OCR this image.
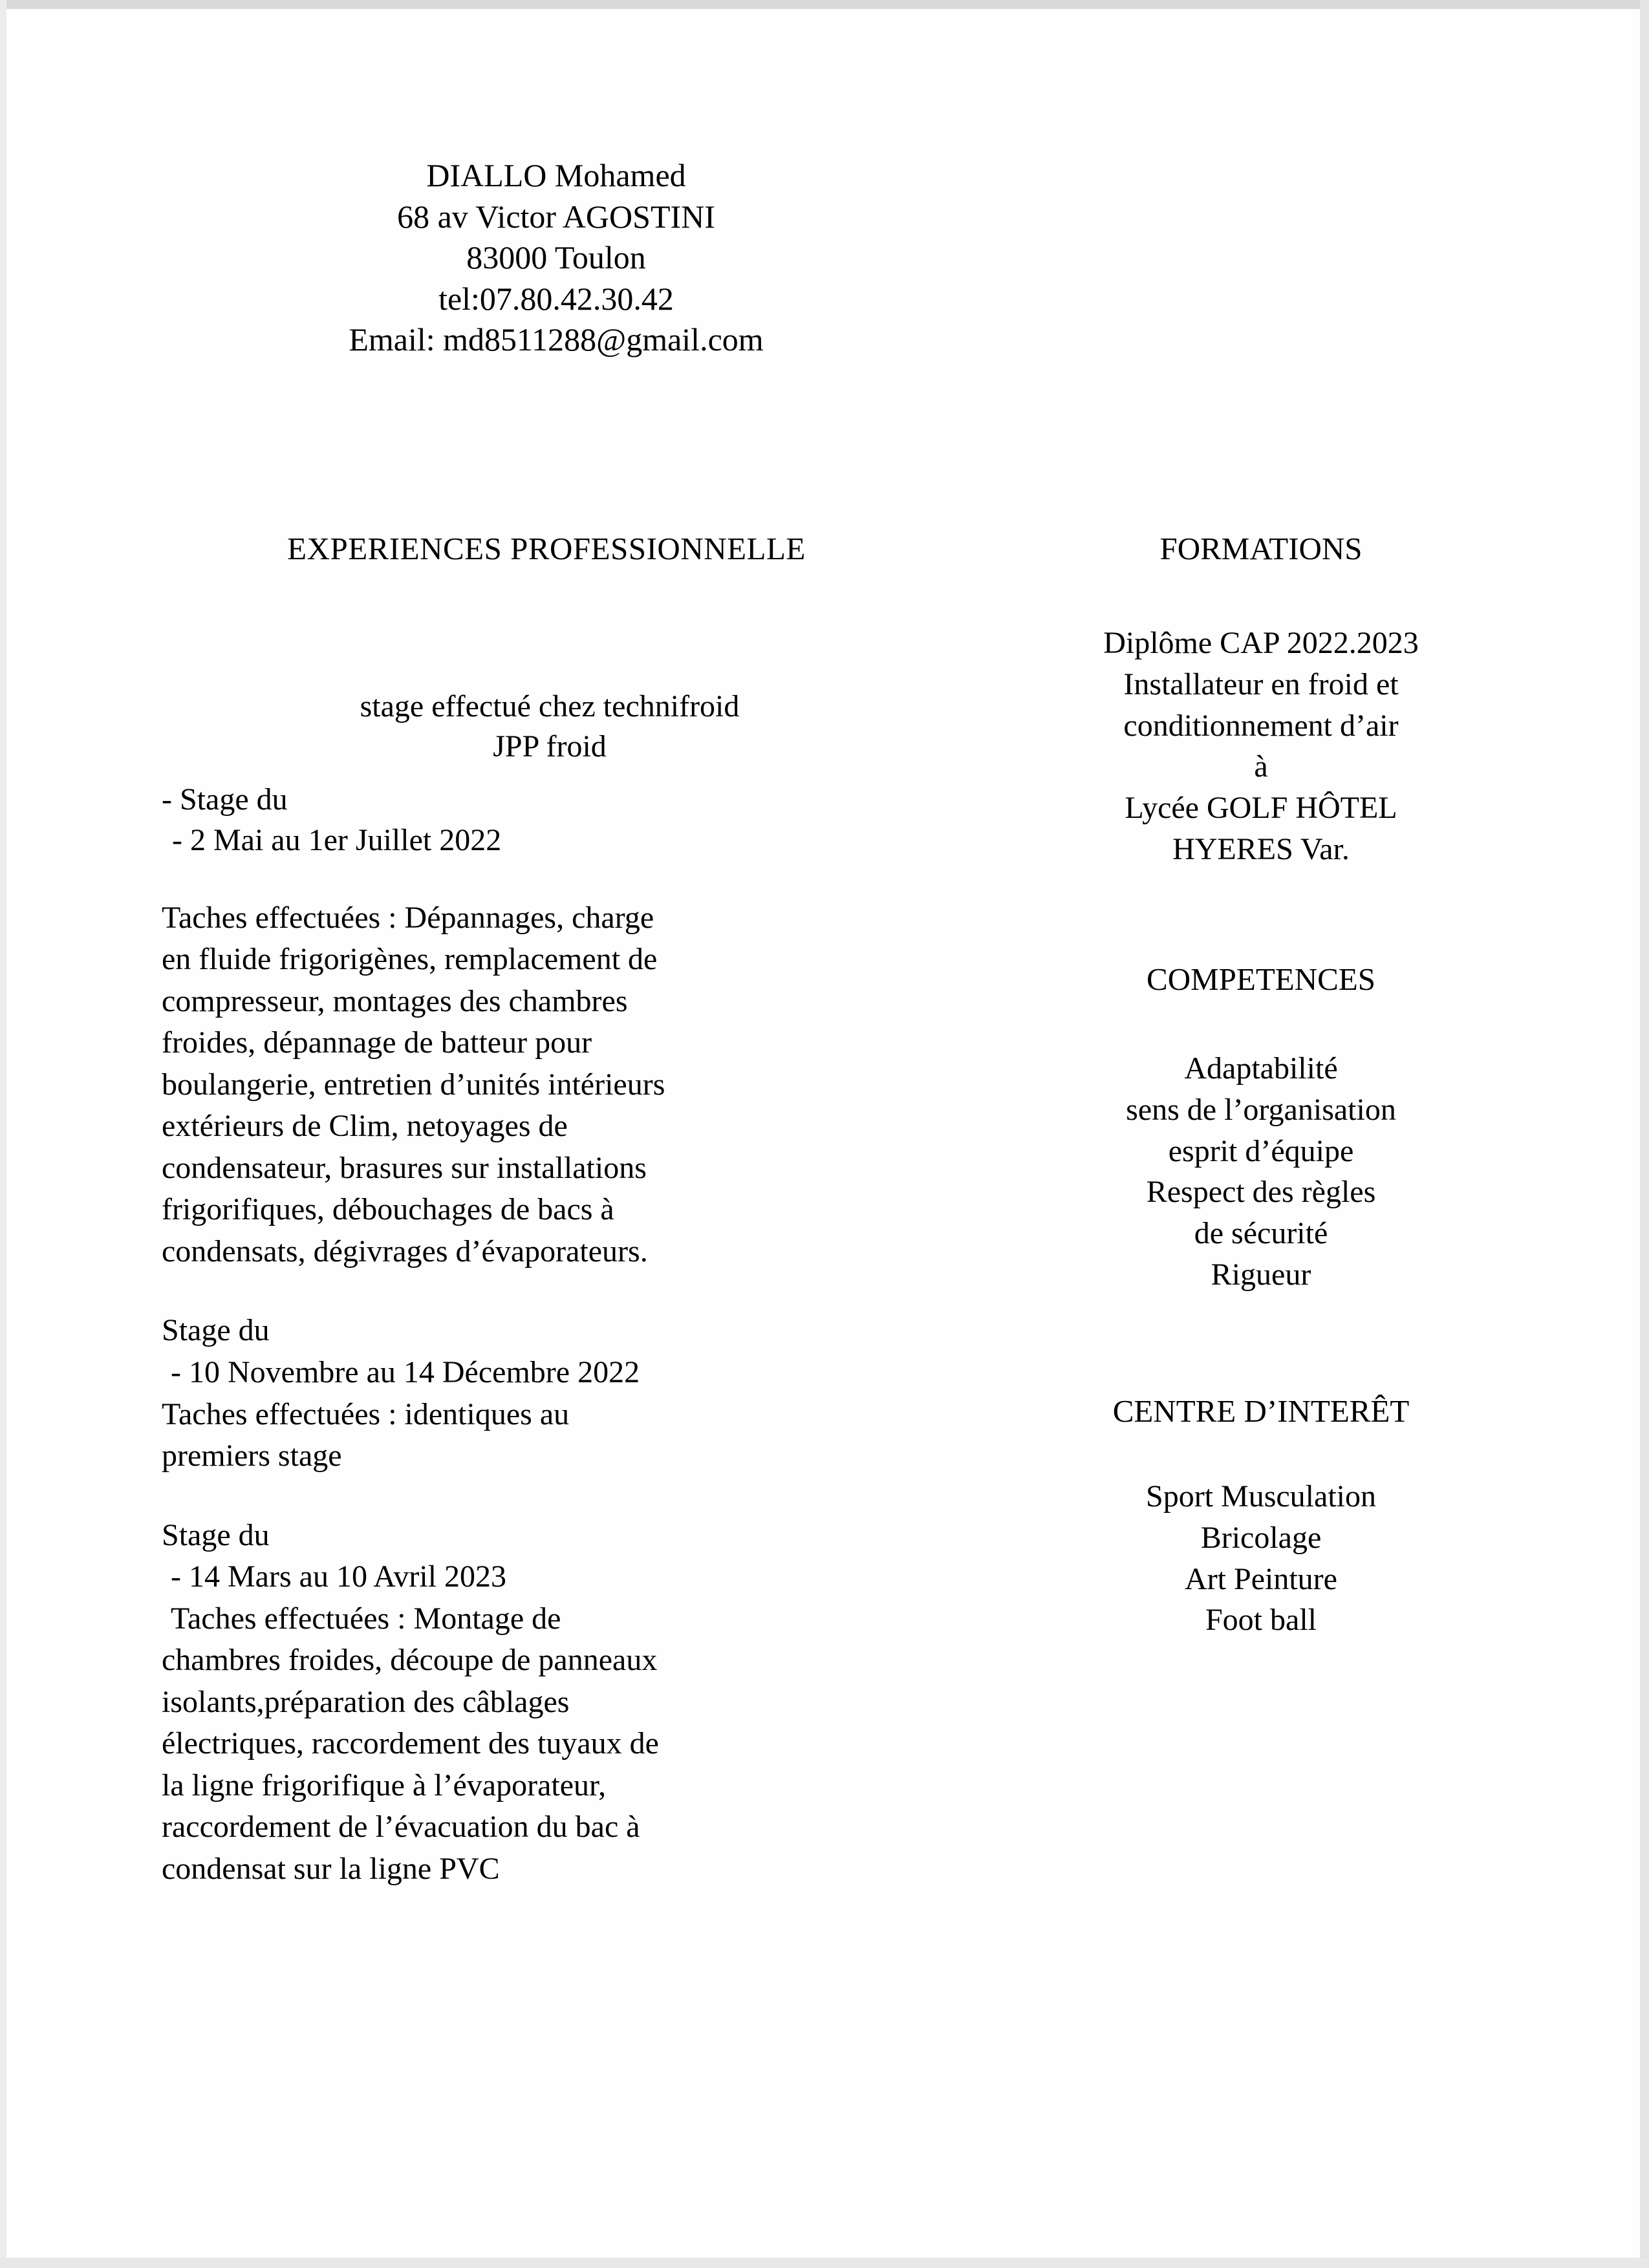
DIALLO Mohamed
68 av Victor AGOSTINI
83000 Toulon
tel:07.80.42.30.42
Email: md8511288@gmail.com
EXPERIENCES PROFESSIONNELLE
stage effectué chez technifroid
JPP froid
- Stage du
- 2 Mai au 1er Juillet 2022
Taches effectuées : Dépannages, charge
en fluide frigorigènes, remplacement de
compresseur, montages des chambres
froides, dépannage de batteur pour
boulangerie, entretien d’unités intérieurs
extérieurs de Clim, netoyages de
condensateur, brasures sur installations
frigorifiques, débouchages de bacs à
condensats, dégivrages d’évaporateurs.
Stage du
- 10 Novembre au 14 Décembre 2022
Taches effectuées : identiques au
premiers stage
Stage du
- 14 Mars au 10 Avril 2023
Taches effectuées : Montage de
chambres froides, découpe de panneaux
isolants,préparation des câblages
électriques, raccordement des tuyaux de
la ligne frigorifique à l’évaporateur,
raccordement de l’évacuation du bac à
condensat sur la ligne PVC
FORMATIONS
Diplôme CAP 2022.2023
Installateur en froid et
conditionnement d’air
à
Lycée GOLF HÔTEL
HYERES Var.
COMPETENCES
Adaptabilité
sens de l’organisation
esprit d’équipe
Respect des règles
de sécurité
Rigueur
CENTRE D’INTERÊT
Sport Musculation
Bricolage
Art Peinture
Foot ball
